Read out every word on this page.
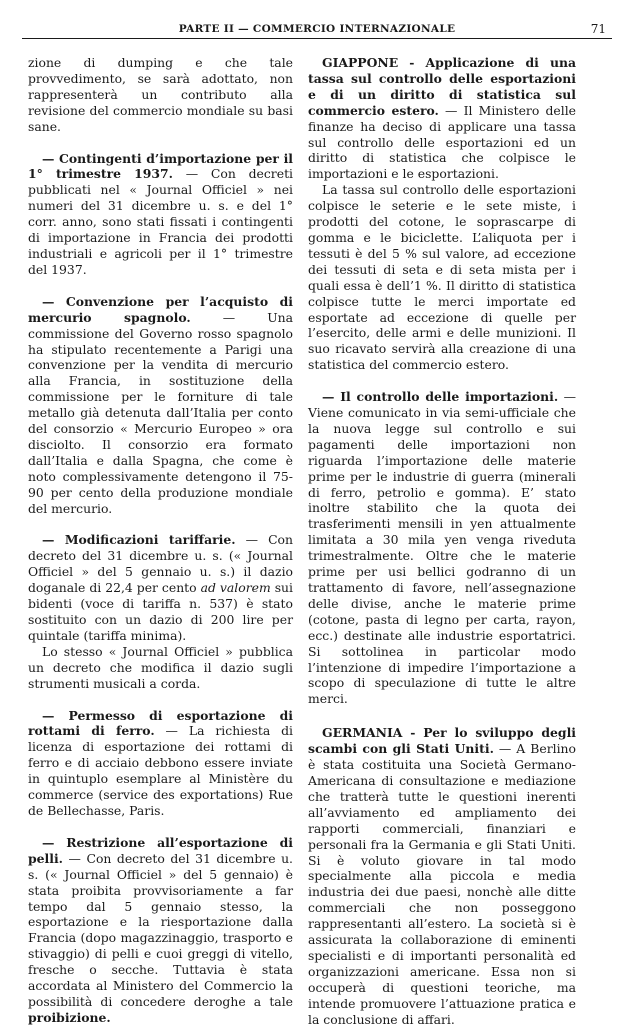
PARTE II — COMMERCIO INTERNAZIONALE	71

zione di dumping e che tale provvedimento, se sarà adottato, non rappresenterà un contributo alla revisione del commercio mondiale su basi sane.

— Contingenti d’importazione per il 1° trimestre 1937. — Con decreti pubblicati nel « Journal Officiel » nei numeri del 31 dicembre u. s. e del 1° corr. anno, sono stati fissati i contingenti di importazione in Francia dei prodotti industriali e agricoli per il 1° trimestre del 1937.

— Convenzione per l’acquisto di mercurio spagnolo. — Una commissione del Governo rosso spagnolo ha stipulato recentemente a Parigi una convenzione per la vendita di mercurio alla Francia, in sostituzione della commissione per le forniture di tale metallo già detenuta dall’Italia per conto del consorzio « Mercurio Europeo » ora disciolto. Il consorzio era formato dall’Italia e dalla Spagna, che come è noto complessivamente detengono il 75-90 per cento della produzione mondiale del mercurio.

— Modificazioni tariffarie. — Con decreto del 31 dicembre u. s. (« Journal Officiel » del 5 gennaio u. s.) il dazio doganale di 22,4 per cento ad valorem sui bidenti (voce di tariffa n. 537) è stato sostituito con un dazio di 200 lire per quintale (tariffa minima).

Lo stesso « Journal Officiel » pubblica un decreto che modifica il dazio sugli strumenti musicali a corda.

— Permesso di esportazione di rottami di ferro. — La richiesta di licenza di esportazione dei rottami di ferro e di acciaio debbono essere inviate in quintuplo esemplare al Ministère du commerce (service des exportations) Rue de Bellechasse, Paris.

— Restrizione all’esportazione di pelli. — Con decreto del 31 dicembre u. s. (« Journal Officiel » del 5 gennaio) è stata proibita provvisoriamente a far tempo dal 5 gennaio stesso, la esportazione e la riesportazione dalla Francia (dopo magazzinaggio, trasporto e stivaggio) di pelli e cuoi greggi di vitello, fresche o secche. Tuttavia è stata accordata al Ministero del Commercio la possibilità di concedere deroghe a tale proibizione.

GIAPPONE - Applicazione di una tassa sul controllo delle esportazioni e di un diritto di statistica sul commercio estero. — Il Ministero delle finanze ha deciso di applicare una tassa sul controllo delle esportazioni ed un diritto di statistica che colpisce le importazioni e le esportazioni.

La tassa sul controllo delle esportazioni colpisce le seterie e le sete miste, i prodotti del cotone, le soprascarpe di gomma e le biciclette. L’aliquota per i tessuti è del 5 % sul valore, ad eccezione dei tessuti di seta e di seta mista per i quali essa è dell’1 %. Il diritto di statistica colpisce tutte le merci importate ed esportate ad eccezione di quelle per l’esercito, delle armi e delle munizioni. Il suo ricavato servirà alla creazione di una statistica del commercio estero.

— Il controllo delle importazioni. — Viene comunicato in via semi-ufficiale che la nuova legge sul controllo e sui pagamenti delle importazioni non riguarda l’importazione delle materie prime per le industrie di guerra (minerali di ferro, petrolio e gomma). E’ stato inoltre stabilito che la quota dei trasferimenti mensili in yen attualmente limitata a 30 mila yen venga riveduta trimestralmente. Oltre che le materie prime per usi bellici godranno di un trattamento di favore, nell’assegnazione delle divise, anche le materie prime (cotone, pasta di legno per carta, rayon, ecc.) destinate alle industrie esportatrici. Si sottolinea in particolar modo l’intenzione di impedire l’importazione a scopo di speculazione di tutte le altre merci.

GERMANIA - Per lo sviluppo degli scambi con gli Stati Uniti. — A Berlino è stata costituita una Società Germano-Americana di consultazione e mediazione che tratterà tutte le questioni inerenti all’avviamento ed ampliamento dei rapporti commerciali, finanziari e personali fra la Germania e gli Stati Uniti. Si è voluto giovare in tal modo specialmente alla piccola e media industria dei due paesi, nonchè alle ditte commerciali che non posseggono rappresentanti all’estero. La società si è assicurata la collaborazione di eminenti specialisti e di importanti personalità ed organizzazioni americane. Essa non si occuperà di questioni teoriche, ma intende promuovere l’attuazione pratica e la conclusione di affari.
